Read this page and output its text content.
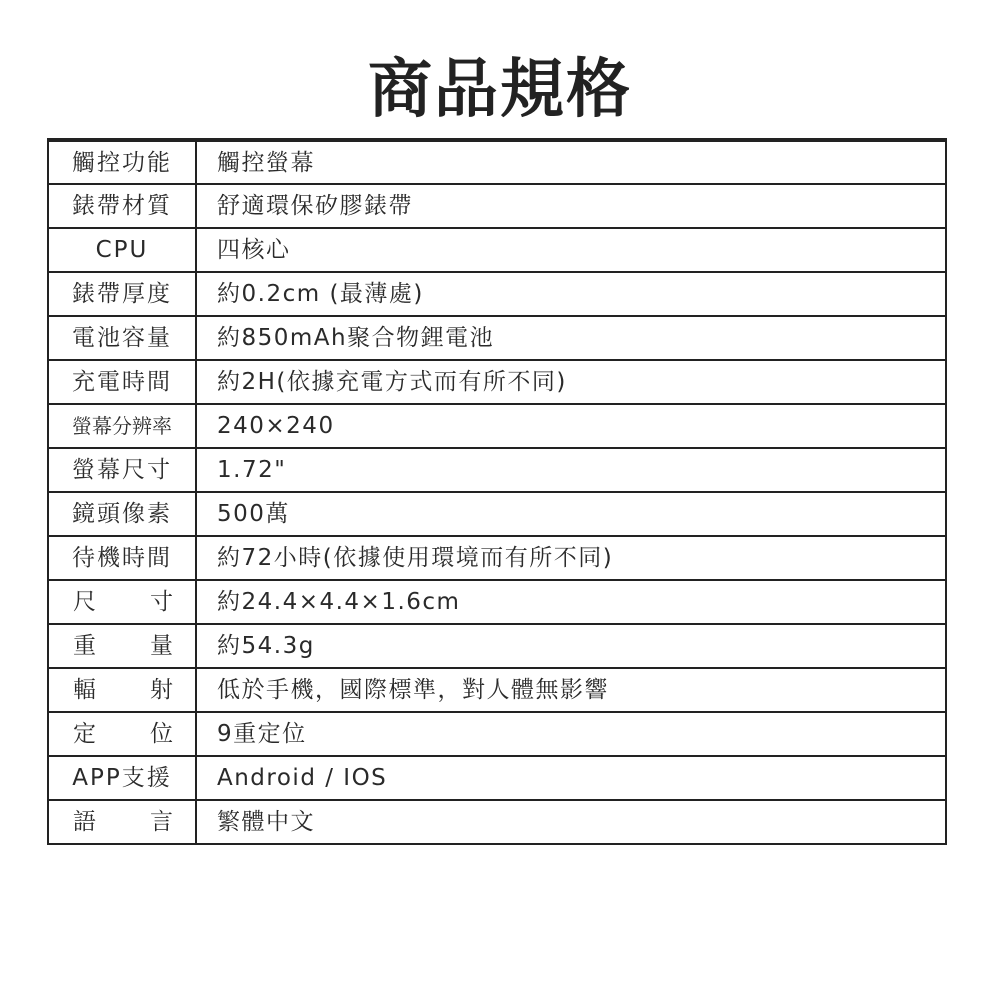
商品規格
觸控功能	觸控螢幕
錶帶材質	舒適環保矽膠錶帶
CPU	四核心
錶帶厚度	約0.2cm (最薄處)
電池容量	約850mAh聚合物鋰電池
充電時間	約2H(依據充電方式而有所不同)
螢幕分辨率	240×240
螢幕尺寸	1.72"
鏡頭像素	500萬
待機時間	約72小時(依據使用環境而有所不同)
尺　寸	約24.4×4.4×1.6cm
重　量	約54.3g
輻　射	低於手機，國際標準，對人體無影響
定　位	9重定位
APP支援	Android / IOS
語　言	繁體中文
